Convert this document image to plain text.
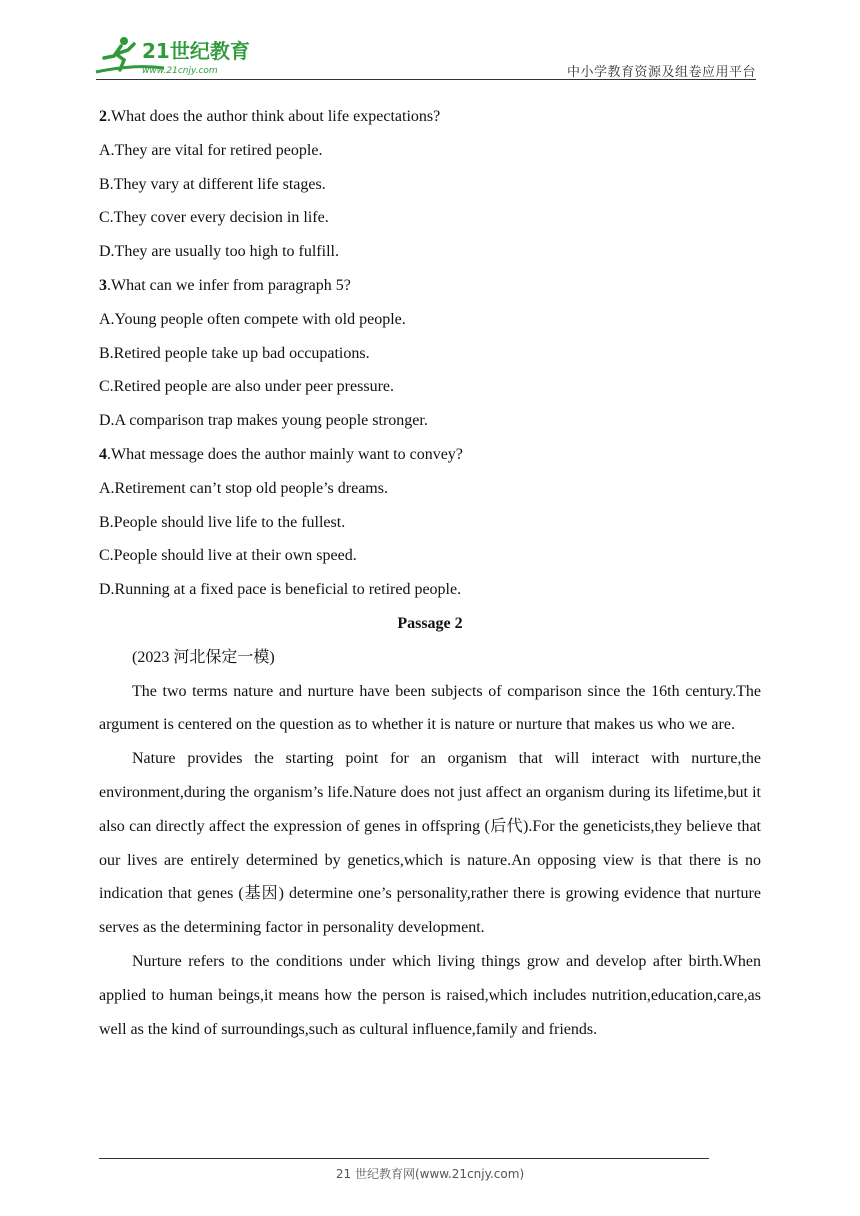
21世纪教育
www.21cnjy.com	中小学教育资源及组卷应用平台
2.What does the author think about life expectations?
A.They are vital for retired people.
B.They vary at different life stages.
C.They cover every decision in life.
D.They are usually too high to fulfill.
3.What can we infer from paragraph 5?
A.Young people often compete with old people.
B.Retired people take up bad occupations.
C.Retired people are also under peer pressure.
D.A comparison trap makes young people stronger.
4.What message does the author mainly want to convey?
A.Retirement can’t stop old people’s dreams.
B.People should live life to the fullest.
C.People should live at their own speed.
D.Running at a fixed pace is beneficial to retired people.
Passage 2
(2023 河北保定一模)

The two terms nature and nurture have been subjects of comparison since the 16th century.The argument is centered on the question as to whether it is nature or nurture that makes us who we are.

Nature provides the starting point for an organism that will interact with nurture,the environment,during the organism’s life.Nature does not just affect an organism during its lifetime,but it also can directly affect the expression of genes in offspring (后代).For the geneticists,they believe that our lives are entirely determined by genetics,which is nature.An opposing view is that there is no indication that genes (基因) determine one’s personality,rather there is growing evidence that nurture serves as the determining factor in personality development.

Nurture refers to the conditions under which living things grow and develop after birth.When applied to human beings,it means how the person is raised,which includes nutrition,education,care,as well as the kind of surroundings,such as cultural influence,family and friends.

21 世纪教育网(www.21cnjy.com)
